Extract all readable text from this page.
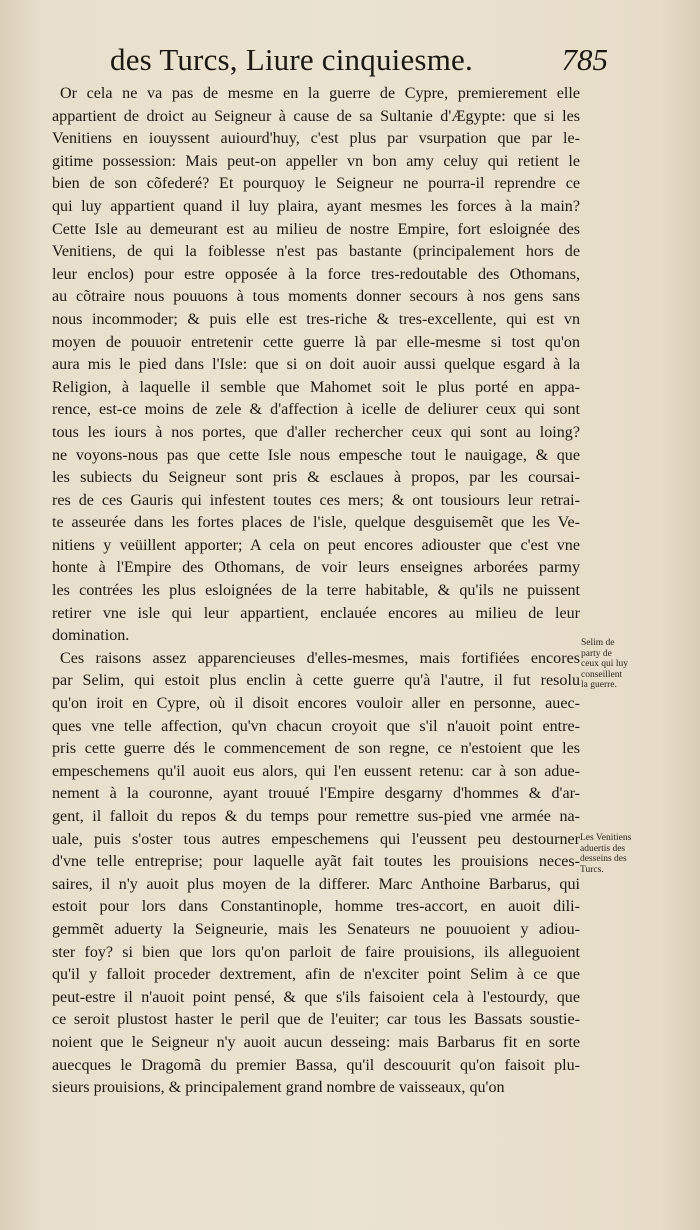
des Turcs, Liure cinquiesme.	785
Or cela ne va pas de mesme en la guerre de Cypre, premierement elle
appartient de droict au Seigneur à cause de sa Sultanie d'Ægypte: que si les
Venitiens en iouyssent auiourd'huy, c'est plus par vsurpation que par le-
gitime possession: Mais peut-on appeller vn bon amy celuy qui retient le
bien de son cõfederé? Et pourquoy le Seigneur ne pourra-il reprendre ce
qui luy appartient quand il luy plaira, ayant mesmes les forces à la main?
Cette Isle au demeurant est au milieu de nostre Empire, fort esloignée des
Venitiens, de qui la foiblesse n'est pas bastante (principalement hors de
leur enclos) pour estre opposée à la force tres-redoutable des Othomans,
au cõtraire nous pouuons à tous moments donner secours à nos gens sans
nous incommoder; & puis elle est tres-riche & tres-excellente, qui est vn
moyen de pouuoir entretenir cette guerre là par elle-mesme si tost qu'on
aura mis le pied dans l'Isle: que si on doit auoir aussi quelque esgard à la
Religion, à laquelle il semble que Mahomet soit le plus porté en appa-
rence, est-ce moins de zele & d'affection à icelle de deliurer ceux qui sont
tous les iours à nos portes, que d'aller rechercher ceux qui sont au loing?
ne voyons-nous pas que cette Isle nous empesche tout le nauigage, & que
les subiects du Seigneur sont pris & esclaues à propos, par les coursai-
res de ces Gauris qui infestent toutes ces mers; & ont tousiours leur retrai-
te asseurée dans les fortes places de l'isle, quelque desguisemẽt que les Ve-
nitiens y veüillent apporter; A cela on peut encores adiouster que c'est vne
honte à l'Empire des Othomans, de voir leurs enseignes arborées parmy
les contrées les plus esloignées de la terre habitable, & qu'ils ne puissent
retirer vne isle qui leur appartient, enclauée encores au milieu de leur
domination.
Ces raisons assez apparencieuses d'elles-mesmes, mais fortifiées encores
par Selim, qui estoit plus enclin à cette guerre qu'à l'autre, il fut resolu
qu'on iroit en Cypre, où il disoit encores vouloir aller en personne, auec-
ques vne telle affection, qu'vn chacun croyoit que s'il n'auoit point entre-
pris cette guerre dés le commencement de son regne, ce n'estoient que les
empeschemens qu'il auoit eus alors, qui l'en eussent retenu: car à son adue-
nement à la couronne, ayant trouué l'Empire desgarny d'hommes & d'ar-
gent, il falloit du repos & du temps pour remettre sus-pied vne armée na-
uale, puis s'oster tous autres empeschemens qui l'eussent peu destourner
d'vne telle entreprise; pour laquelle ayãt fait toutes les prouisions neces-
saires, il n'y auoit plus moyen de la differer. Marc Anthoine Barbarus, qui
estoit pour lors dans Constantinople, homme tres-accort, en auoit dili-
gemmẽt aduerty la Seigneurie, mais les Senateurs ne pouuoient y adiou-
ster foy? si bien que lors qu'on parloit de faire prouisions, ils alleguoient
qu'il y falloit proceder dextrement, afin de n'exciter point Selim à ce que
peut-estre il n'auoit point pensé, & que s'ils faisoient cela à l'estourdy, que
ce seroit plustost haster le peril que de l'euiter; car tous les Bassats soustie-
noient que le Seigneur n'y auoit aucun desseing: mais Barbarus fit en sorte
auecques le Dragomã du premier Bassa, qu'il descouurit qu'on faisoit plu-
sieurs prouisions, & principalement grand nombre de vaisseaux, qu'on
Selim de
party de
ceux qui luy
conseillent
la guerre.
Les Venitiens
aduertis des
desseins des
Turcs.
